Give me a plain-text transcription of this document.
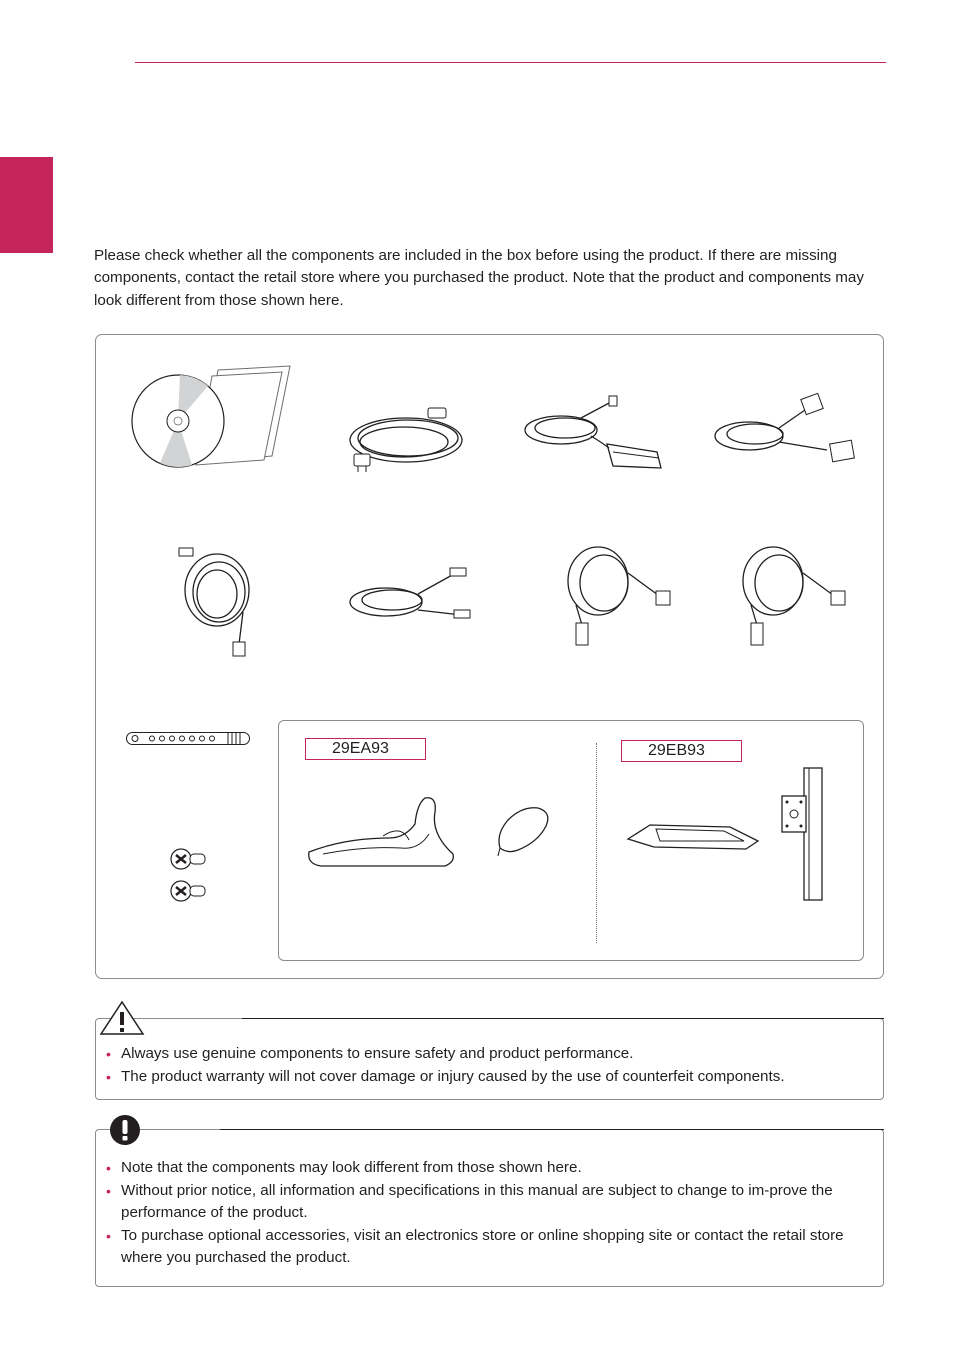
Please check whether all the components are included in the box before using the product. If there are missing components, contact the retail store where you purchased the product. Note that the product and components may look different from those shown here.

29EA93	29EB93
• Always use genuine components to ensure safety and product performance.
• The product warranty will not cover damage or injury caused by the use of counterfeit components.
• Note that the components may look different from those shown here.
• Without prior notice, all information and specifications in this manual are subject to change to im-prove the performance of the product.
• To purchase optional accessories, visit an electronics store or online shopping site or contact the retail store where you purchased the product.
